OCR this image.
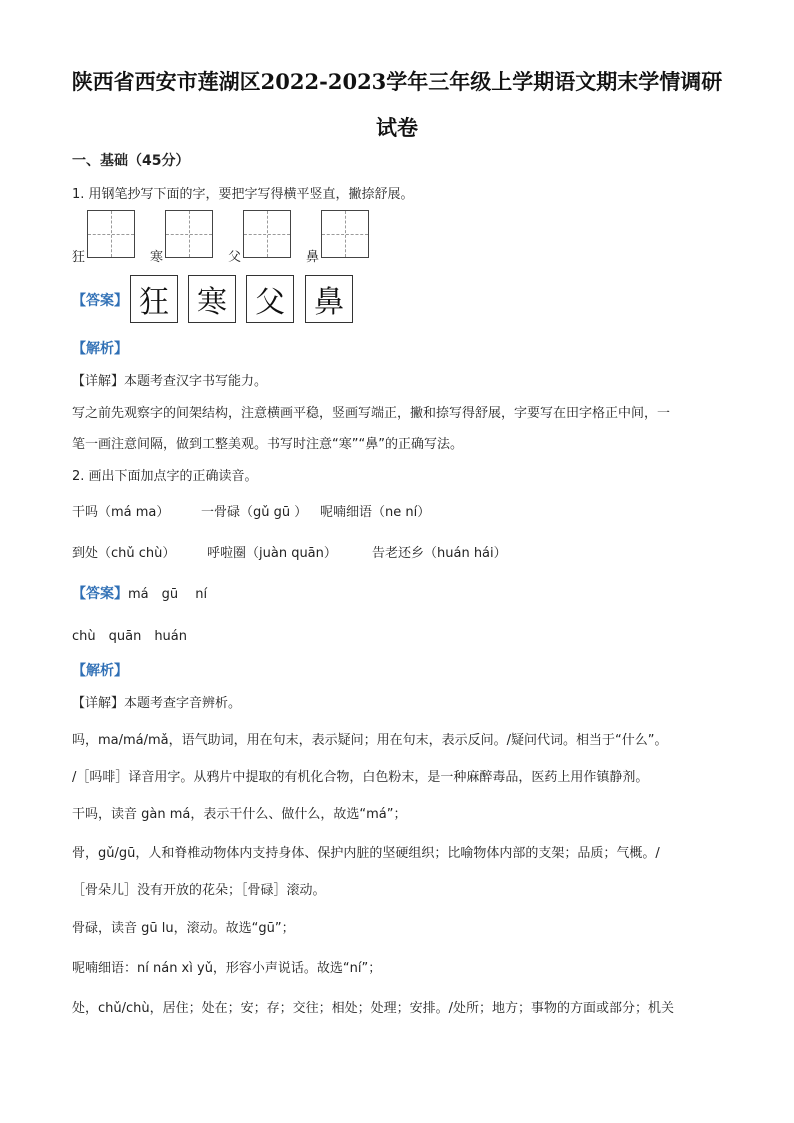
陕西省西安市莲湖区2022-2023学年三年级上学期语文期末学情调研
试卷
一、基础（45分）
1. 用钢笔抄写下面的字，要把字写得横平竖直，撇捺舒展。
狂	寒	父	鼻
【答案】 狂 寒 父 鼻
【解析】
【详解】本题考查汉字书写能力。
写之前先观察字的间架结构，注意横画平稳，竖画写端正，撇和捺写得舒展，字要写在田字格正中间，一
笔一画注意间隔，做到工整美观。书写时注意“寒”“鼻”的正确写法。
2. 画出下面加点字的正确读音。
干吗（má ma） 一骨碌（gǔ gū ） 呢喃细语（ne ní）
到处（chǔ chù） 呼啦圈（juàn quān）	告老还乡（huán hái）
【答案】má　gū　 ní
chù　quān　huán
【解析】
【详解】本题考查字音辨析。
吗，ma/má/mǎ，语气助词，用在句末，表示疑问；用在句末，表示反问。/疑问代词。相当于“什么”。
/［吗啡］译音用字。从鸦片中提取的有机化合物，白色粉末，是一种麻醉毒品，医药上用作镇静剂。
干吗，读音 gàn má，表示干什么、做什么，故选“má”；
骨，gǔ/gū，人和脊椎动物体内支持身体、保护内脏的坚硬组织；比喻物体内部的支架；品质；气概。/
［骨朵儿］没有开放的花朵；［骨碌］滚动。
骨碌，读音 gū lu，滚动。故选“gū”；
呢喃细语：ní nán xì yǔ，形容小声说话。故选“ní”；
处，chǔ/chù，居住；处在；安；存；交往；相处；处理；安排。/处所；地方；事物的方面或部分；机关
